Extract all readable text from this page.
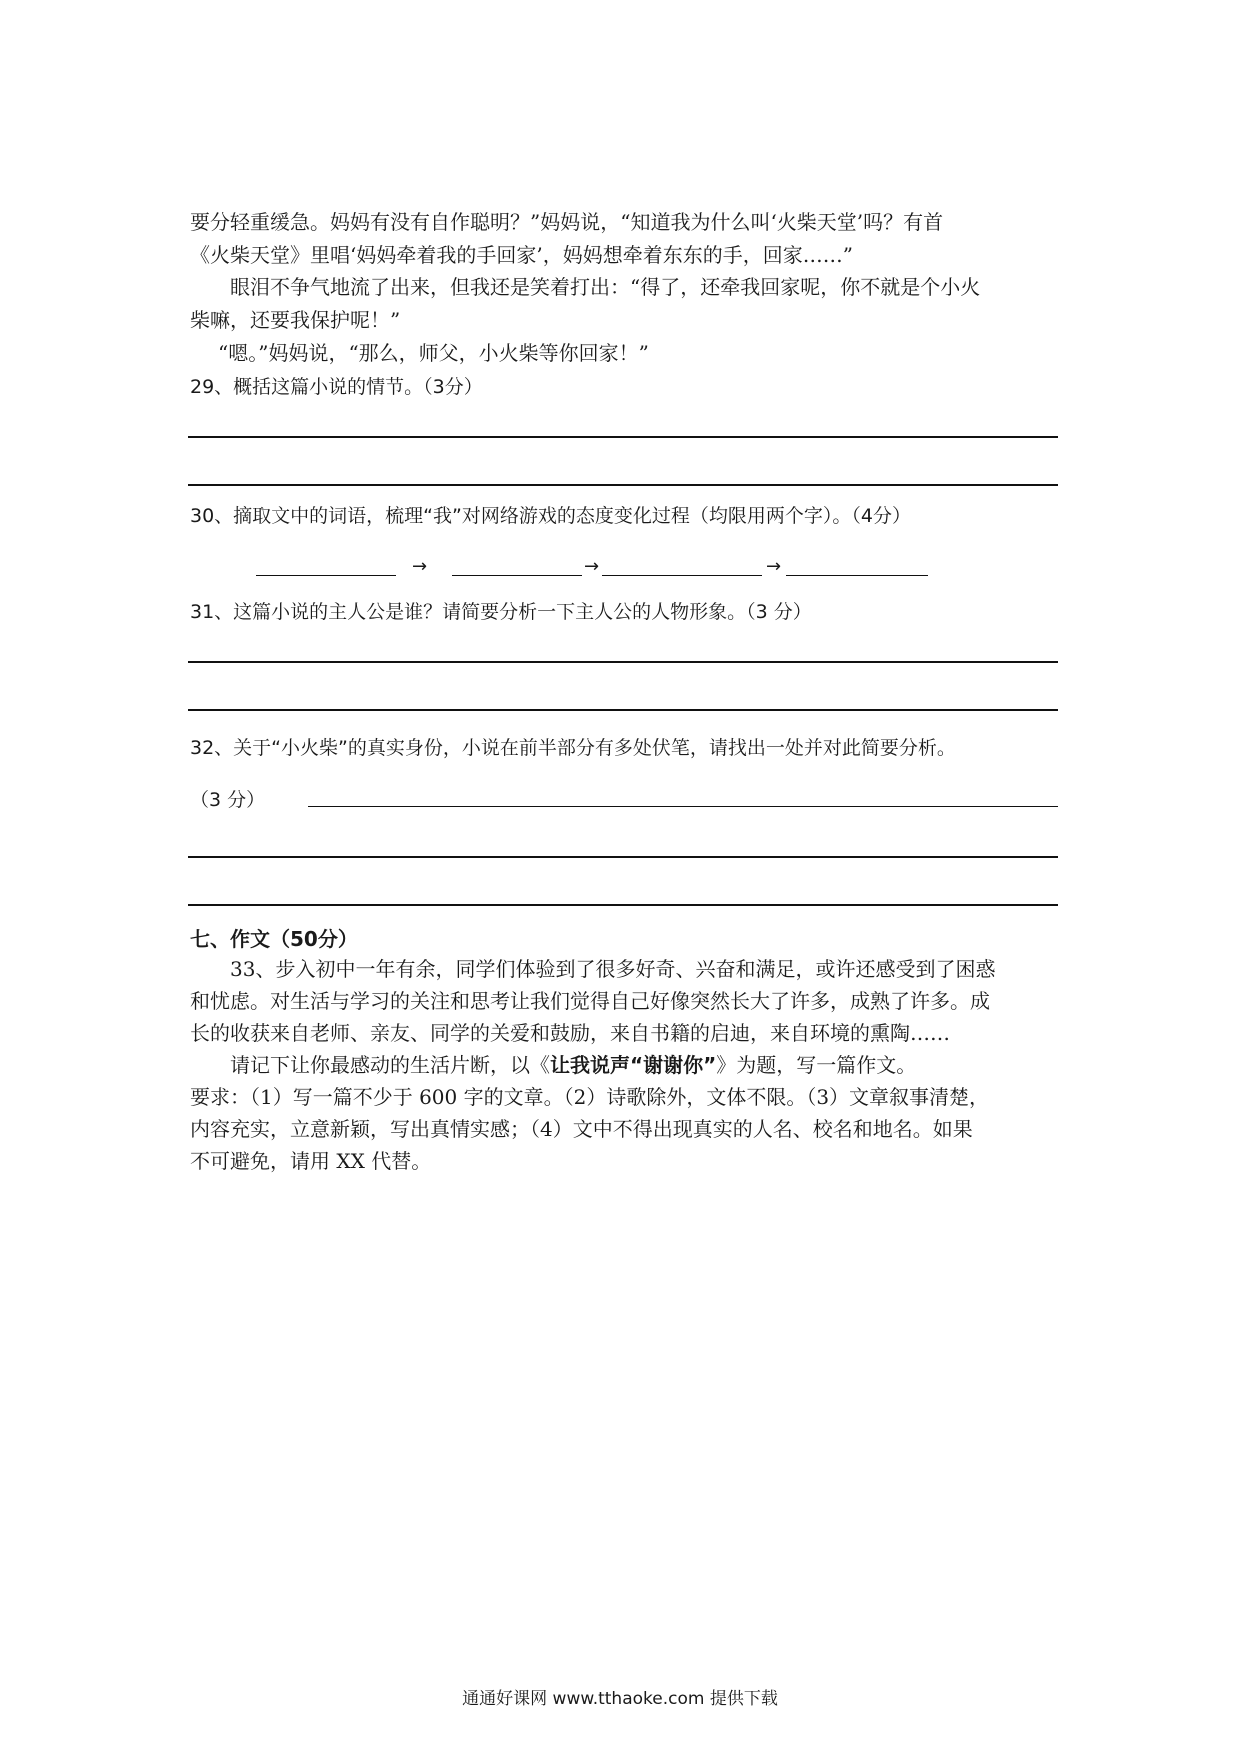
要分轻重缓急。妈妈有没有自作聪明？”妈妈说，“知道我为什么叫‘火柴天堂’吗？有首
《火柴天堂》里唱‘妈妈牵着我的手回家’，妈妈想牵着东东的手，回家……”
眼泪不争气地流了出来，但我还是笑着打出：“得了，还牵我回家呢，你不就是个小火
柴嘛，还要我保护呢！”
“嗯。”妈妈说，“那么，师父，小火柴等你回家！”
29、概括这篇小说的情节。（3分）
30、摘取文中的词语，梳理“我”对网络游戏的态度变化过程（均限用两个字）。（4分）
→	→	→
31、这篇小说的主人公是谁？请简要分析一下主人公的人物形象。（3 分）
32、关于“小火柴”的真实身份，小说在前半部分有多处伏笔，请找出一处并对此简要分析。
（3 分）
七、作文（50分）
33、步入初中一年有余，同学们体验到了很多好奇、兴奋和满足，或许还感受到了困惑
和忧虑。对生活与学习的关注和思考让我们觉得自己好像突然长大了许多，成熟了许多。成
长的收获来自老师、亲友、同学的关爱和鼓励，来自书籍的启迪，来自环境的熏陶……
请记下让你最感动的生活片断，以《让我说声“谢谢你”》为题，写一篇作文。
要求：（1）写一篇不少于 600 字的文章。（2）诗歌除外，文体不限。（3）文章叙事清楚，
内容充实，立意新颖，写出真情实感；（4）文中不得出现真实的人名、校名和地名。如果
不可避免，请用 XX 代替。
通通好课网 www.tthaoke.com 提供下载
